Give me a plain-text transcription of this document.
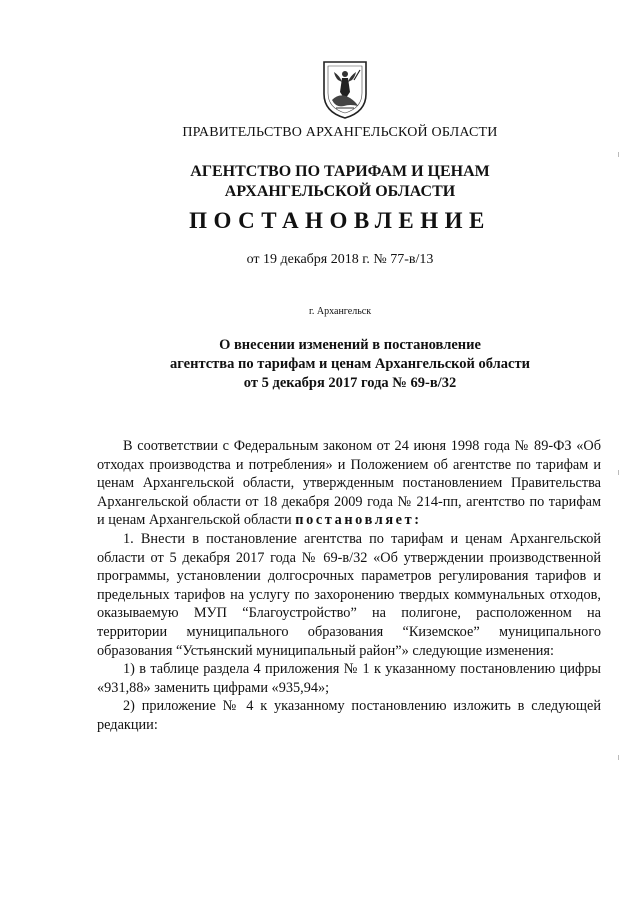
ПРАВИТЕЛЬСТВО АРХАНГЕЛЬСКОЙ ОБЛАСТИ
АГЕНТСТВО ПО ТАРИФАМ И ЦЕНАМ
АРХАНГЕЛЬСКОЙ ОБЛАСТИ
ПОСТАНОВЛЕНИЕ
от 19 декабря 2018 г. № 77-в/13
г. Архангельск
О внесении изменений в постановление
агентства по тарифам и ценам Архангельской области
от 5 декабря 2017 года № 69-в/32

В соответствии с Федеральным законом от 24 июня 1998 года № 89-ФЗ «Об отходах производства и потребления» и Положением об агентстве по тарифам и ценам Архангельской области, утвержденным постановлением Правительства Архангельской области от 18 декабря 2009 года № 214-пп, агентство по тарифам и ценам Архангельской области постановляет:

1. Внести в постановление агентства по тарифам и ценам Архангельской области от 5 декабря 2017 года № 69-в/32 «Об утверждении производственной программы, установлении долгосрочных параметров регулирования тарифов и предельных тарифов на услугу по захоронению твердых коммунальных отходов, оказываемую МУП “Благоустройство” на полигоне, расположенном на территории муниципального образования “Киземское” муниципального образования “Устьянский муниципальный район”» следующие изменения:

1) в таблице раздела 4 приложения № 1 к указанному постановлению цифры «931,88» заменить цифрами «935,94»;

2) приложение № 4 к указанному постановлению изложить в следующей редакции:
